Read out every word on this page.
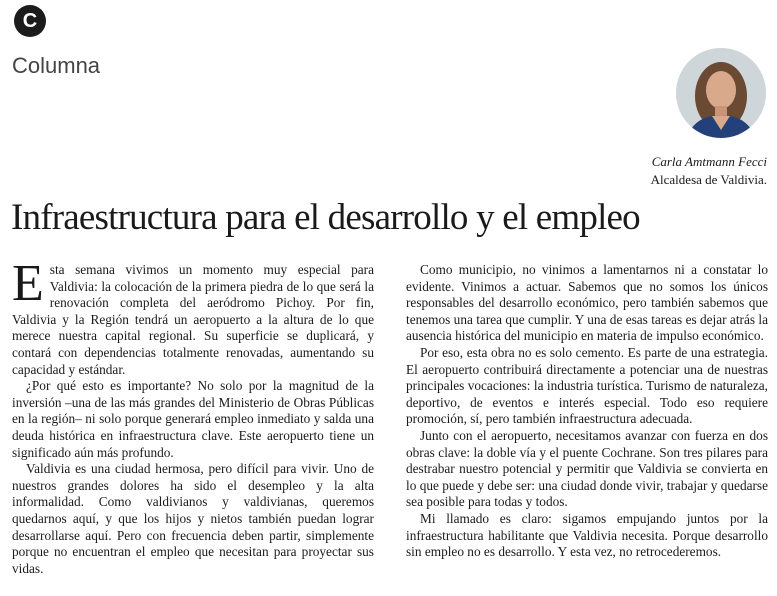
C
Columna
Carla Amtmann Fecci
Alcaldesa de Valdivia.
Infraestructura para el desarrollo y el empleo

Esta semana vivimos un momento muy especial para Valdivia: la colocación de la primera piedra de lo que será la renovación completa del aeródromo Pichoy. Por fin, Valdivia y la Región tendrá un aeropuerto a la altura de lo que merece nuestra capital regional. Su superficie se duplicará, y contará con dependencias totalmente renovadas, aumentando su capacidad y estándar.

¿Por qué esto es importante? No solo por la magnitud de la inversión –una de las más grandes del Ministerio de Obras Públicas en la región– ni solo porque generará empleo inmediato y salda una deuda histórica en infraestructura clave. Este aeropuerto tiene un significado aún más profundo.

Valdivia es una ciudad hermosa, pero difícil para vivir. Uno de nuestros grandes dolores ha sido el desempleo y la alta informalidad. Como valdivianos y valdivianas, queremos quedarnos aquí, y que los hijos y nietos también puedan lograr desarrollarse aquí. Pero con frecuencia deben partir, simplemente porque no encuentran el empleo que necesitan para proyectar sus vidas.

Como municipio, no vinimos a lamentarnos ni a constatar lo evidente. Vinimos a actuar. Sabemos que no somos los únicos responsables del desarrollo económico, pero también sabemos que tenemos una tarea que cumplir. Y una de esas tareas es dejar atrás la ausencia histórica del municipio en materia de impulso económico.

Por eso, esta obra no es solo cemento. Es parte de una estrategia. El aeropuerto contribuirá directamente a potenciar una de nuestras principales vocaciones: la industria turística. Turismo de naturaleza, deportivo, de eventos e interés especial. Todo eso requiere promoción, sí, pero también infraestructura adecuada.

Junto con el aeropuerto, necesitamos avanzar con fuerza en dos obras clave: la doble vía y el puente Cochrane. Son tres pilares para destrabar nuestro potencial y permitir que Valdivia se convierta en lo que puede y debe ser: una ciudad donde vivir, trabajar y quedarse sea posible para todas y todos.

Mi llamado es claro: sigamos empujando juntos por la infraestructura habilitante que Valdivia necesita. Porque desarrollo sin empleo no es desarrollo. Y esta vez, no retrocederemos.
